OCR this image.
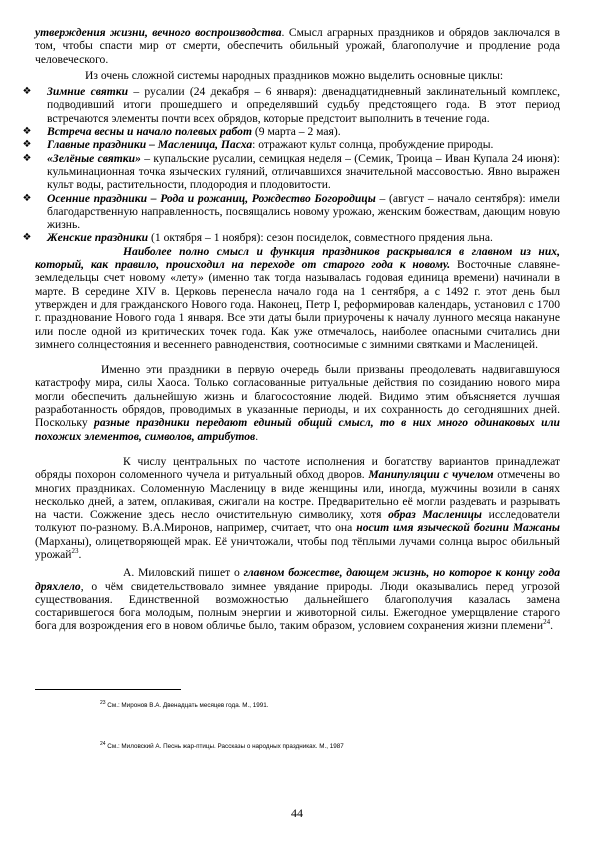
утверждения жизни, вечного воспроизводства. Смысл аграрных праздников и обрядов заключался в том, чтобы спасти мир от смерти, обеспечить обильный урожай, благополучие и продление рода человеческого.

Из очень сложной системы народных праздников можно выделить основные циклы:

❖ Зимние святки – русалии (24 декабря – 6 января): двенадцатидневный заклинательный комплекс, подводивший итоги прошедшего и определявший судьбу предстоящего года. В этот период встречаются элементы почти всех обрядов, которые предстоит выполнить в течение года.
❖ Встреча весны и начало полевых работ (9 марта – 2 мая).
❖ Главные праздники – Масленица, Пасха: отражают культ солнца, пробуждение природы.
❖ «Зелёные святки» – купальские русалии, семицкая неделя – (Семик, Троица – Иван Купала 24 июня): кульминационная точка языческих гуляний, отличавшихся значительной массовостью. Явно выражен культ воды, растительности, плодородия и плодовитости.
❖ Осенние праздники – Рода и рожаниц, Рождество Богородицы – (август – начало сентября): имели благодарственную направленность, посвящались новому урожаю, женским божествам, дающим новую жизнь.
❖ Женские праздники (1 октября – 1 ноября): сезон посиделок, совместного прядения льна.

Наиболее полно смысл и функция праздников раскрывался в главном из них, который, как правило, происходил на переходе от старого года к новому. Восточные славяне-земледельцы счет новому «лету» (именно так тогда называлась годовая единица времени) начинали в марте. В середине XIV в. Церковь перенесла начало года на 1 сентября, а с 1492 г. этот день был утвержден и для гражданского Нового года. Наконец, Петр I, реформировав календарь, установил с 1700 г. празднование Нового года 1 января. Все эти даты были приурочены к началу лунного месяца накануне или после одной из критических точек года. Как уже отмечалось, наиболее опасными считались дни зимнего солнцестояния и весеннего равноденствия, соотносимые с зимними святками и Масленицей.

Именно эти праздники в первую очередь были призваны преодолевать надвигавшуюся катастрофу мира, силы Хаоса. Только согласованные ритуальные действия по созиданию нового мира могли обеспечить дальнейшую жизнь и благосостояние людей. Видимо этим объясняется лучшая разработанность обрядов, проводимых в указанные периоды, и их сохранность до сегодняшних дней. Поскольку разные праздники передают единый общий смысл, то в них много одинаковых или похожих элементов, символов, атрибутов.

К числу центральных по частоте исполнения и богатству вариантов принадлежат обряды похорон соломенного чучела и ритуальный обход дворов. Манипуляции с чучелом отмечены во многих праздниках. Соломенную Масленицу в виде женщины или, иногда, мужчины возили в санях несколько дней, а затем, оплакивая, сжигали на костре. Предварительно её могли раздевать и разрывать на части. Сожжение здесь несло очистительную символику, хотя образ Масленицы исследователи толкуют по-разному. В.А.Миронов, например, считает, что она носит имя языческой богини Мажаны (Марханы), олицетворяющей мрак. Её уничтожали, чтобы под тёплыми лучами солнца вырос обильный урожай$^{23}$.

А. Миловский пишет о главном божестве, дающем жизнь, но которое к концу года дряхлело, о чём свидетельствовало зимнее увядание природы. Люди оказывались перед угрозой существования. Единственной возможностью дальнейшего благополучия казалась замена состарившегося бога молодым, полным энергии и животорной силы. Ежегодное умерщвление старого бога для возрождения его в новом обличье было, таким образом, условием сохранения жизни племени$^{24}$.

$^{23}$ См.: Миронов В.А. Двенадцать месяцев года. М., 1991.
$^{24}$ См.: Миловский А. Песнь жар-птицы. Рассказы о народных праздниках. М., 1987
44
